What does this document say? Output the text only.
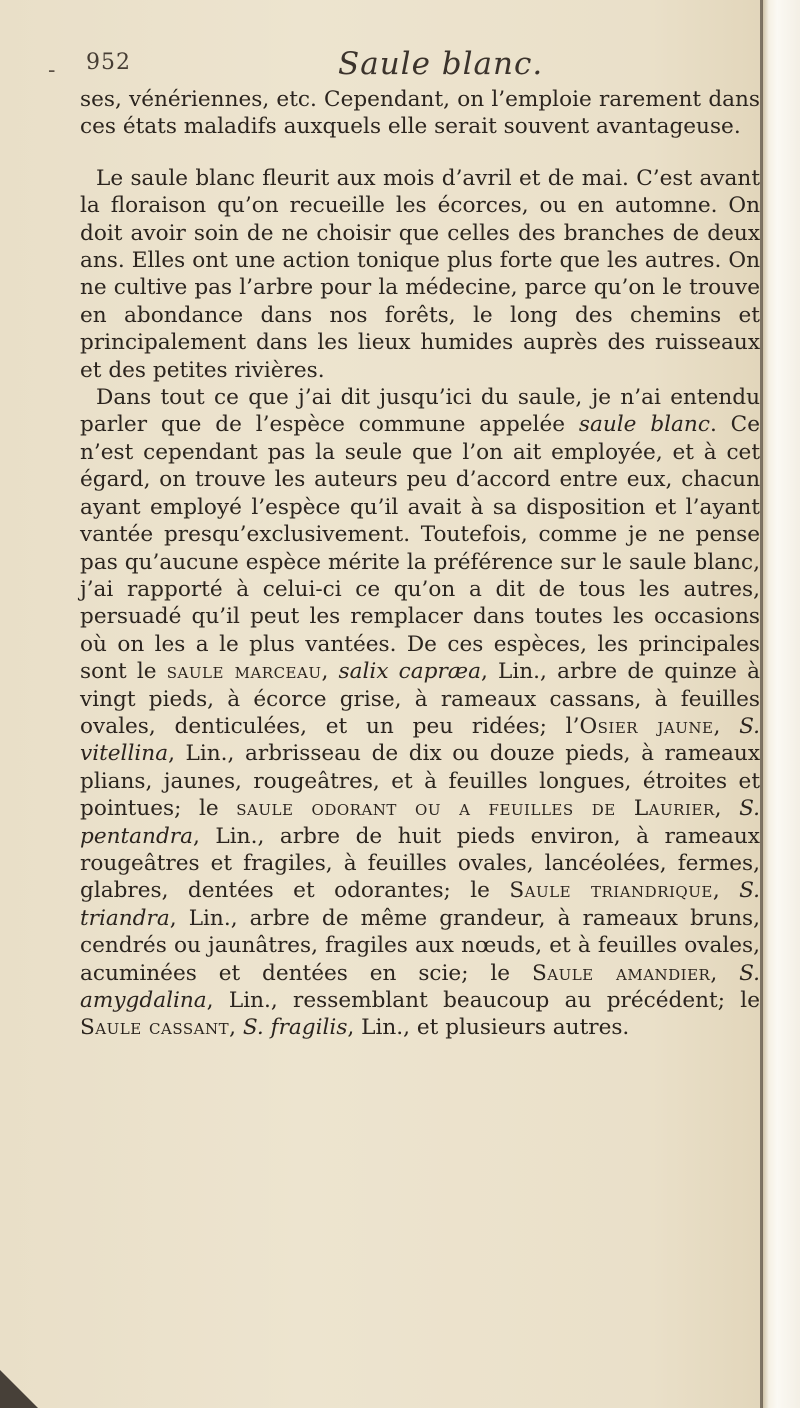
- 952	Saule blanc.

ses, vénériennes, etc. Cependant, on l’emploie rarement dans ces états maladifs auxquels elle serait souvent avantageuse.

Le saule blanc fleurit aux mois d’avril et de mai. C’est avant la floraison qu’on recueille les écorces, ou en automne. On doit avoir soin de ne choisir que celles des branches de deux ans. Elles ont une action tonique plus forte que les autres. On ne cultive pas l’arbre pour la médecine, parce qu’on le trouve en abondance dans nos forêts, le long des chemins et principalement dans les lieux humides auprès des ruisseaux et des petites rivières.

Dans tout ce que j’ai dit jusqu’ici du saule, je n’ai entendu parler que de l’espèce commune appelée saule blanc. Ce n’est cependant pas la seule que l’on ait employée, et à cet égard, on trouve les auteurs peu d’accord entre eux, chacun ayant employé l’espèce qu’il avait à sa disposition et l’ayant vantée presqu’exclusivement. Toutefois, comme je ne pense pas qu’aucune espèce mérite la préférence sur le saule blanc, j’ai rapporté à celui-ci ce qu’on a dit de tous les autres, persuadé qu’il peut les remplacer dans toutes les occasions où on les a le plus vantées. De ces espèces, les principales sont le saule marceau, salix capræa, Lin., arbre de quinze à vingt pieds, à écorce grise, à rameaux cassans, à feuilles ovales, denticulées, et un peu ridées; l’Osier jaune, S. vitellina, Lin., arbrisseau de dix ou douze pieds, à rameaux plians, jaunes, rougeâtres, et à feuilles longues, étroites et pointues; le saule odorant ou a feuilles de Laurier, S. pentandra, Lin., arbre de huit pieds environ, à rameaux rougeâtres et fragiles, à feuilles ovales, lancéolées, fermes, glabres, dentées et odorantes; le Saule triandrique, S. triandra, Lin., arbre de même grandeur, à rameaux bruns, cendrés ou jaunâtres, fragiles aux nœuds, et à feuilles ovales, acuminées et dentées en scie; le Saule amandier, S. amygdalina, Lin., ressemblant beaucoup au précédent; le Saule cassant, S. fragilis, Lin., et plusieurs autres.
